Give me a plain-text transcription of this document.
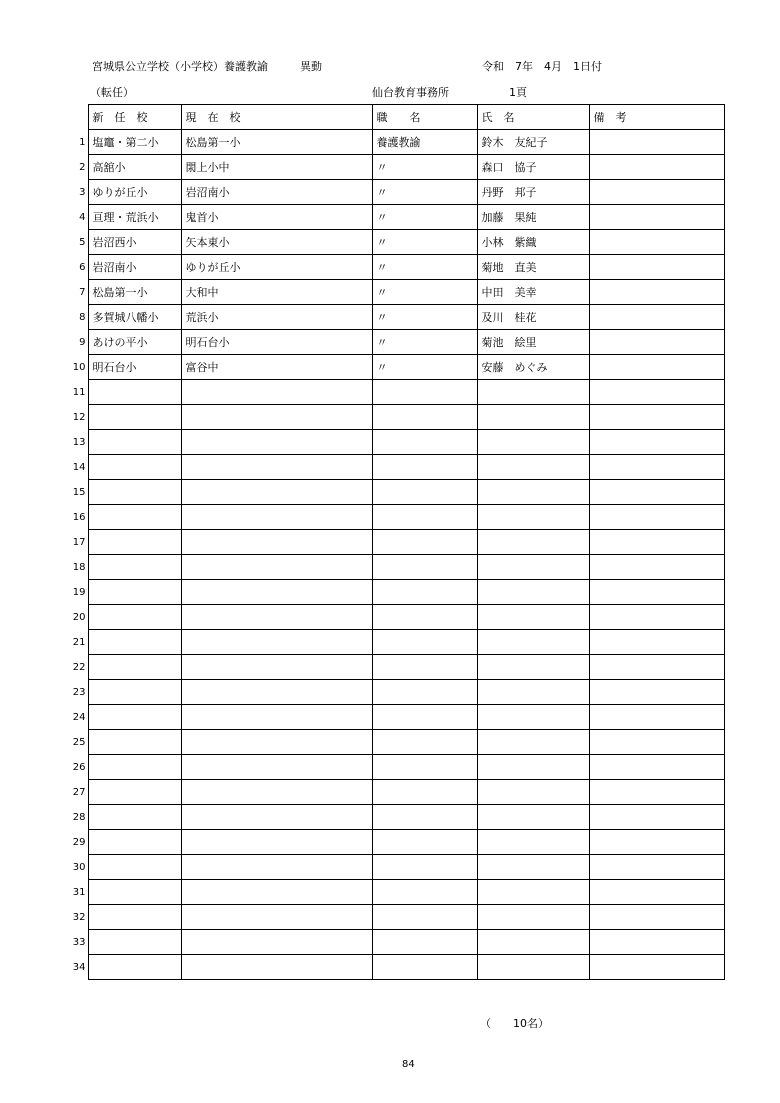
宮城県公立学校（小学校）養護教諭	異動	令和　7年　4月　1日付
（転任）	仙台教育事務所	1頁
	新　任　校	現　在　校	職　　名	氏　名	備　考
1	塩竈・第二小	松島第一小	養護教諭	鈴木　友紀子	
2	高舘小	閖上小中	〃	森口　協子	
3	ゆりが丘小	岩沼南小	〃	丹野　邦子	
4	亘理・荒浜小	鬼首小	〃	加藤　果純	
5	岩沼西小	矢本東小	〃	小林　紫織	
6	岩沼南小	ゆりが丘小	〃	菊地　直美	
7	松島第一小	大和中	〃	中田　美幸	
8	多賀城八幡小	荒浜小	〃	及川　桂花	
9	あけの平小	明石台小	〃	菊池　絵里	
10	明石台小	富谷中	〃	安藤　めぐみ	
11					
12					
13					
14					
15					
16					
17					
18					
19					
20					
21					
22					
23					
24					
25					
26					
27					
28					
29					
30					
31					
32					
33					
34					
（　　10名）
84
